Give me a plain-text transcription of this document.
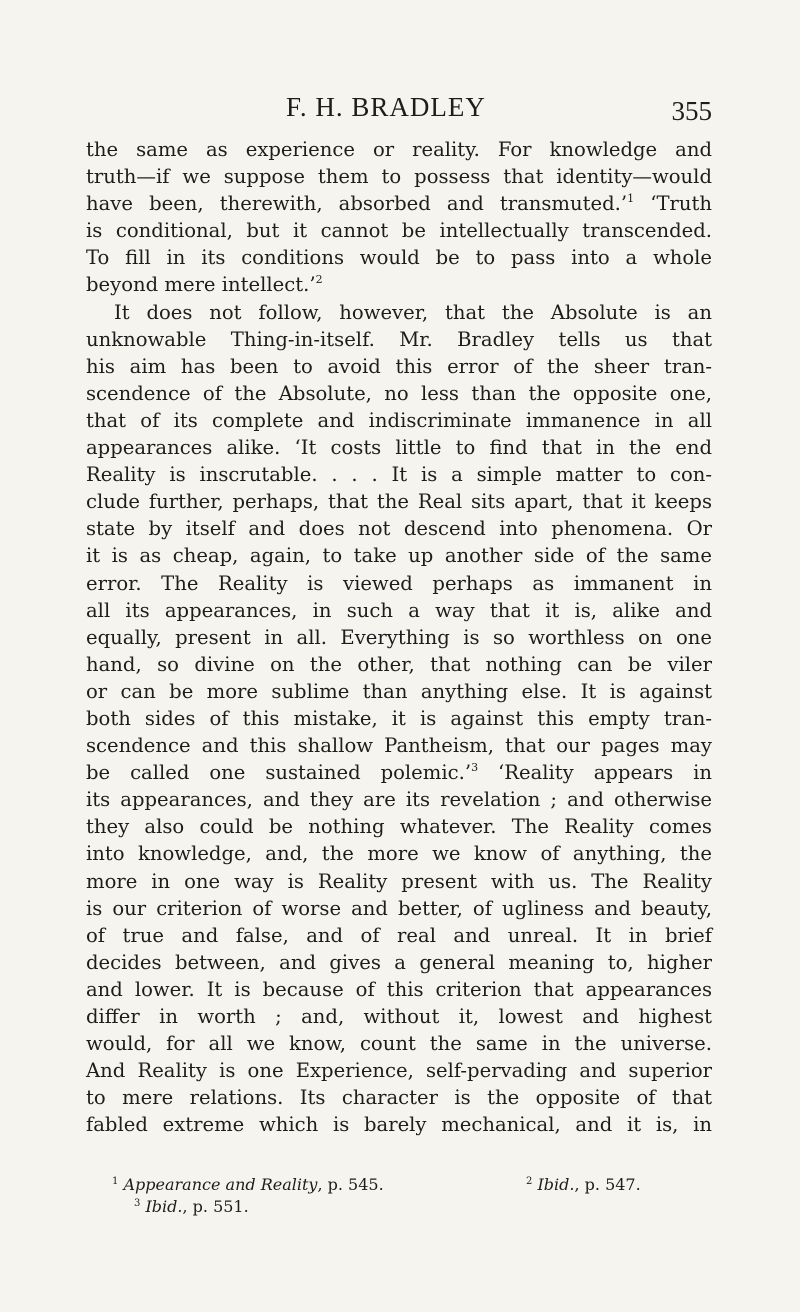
F. H. BRADLEY	355
the same as experience or reality. For knowledge and
truth—if we suppose them to possess that identity—would
have been, therewith, absorbed and transmuted.’$^1$ ‘Truth
is conditional, but it cannot be intellectually transcended.
To fill in its conditions would be to pass into a whole
beyond mere intellect.’$^2$
It does not follow, however, that the Absolute is an
unknowable Thing-in-itself. Mr. Bradley tells us that
his aim has been to avoid this error of the sheer tran-
scendence of the Absolute, no less than the opposite one,
that of its complete and indiscriminate immanence in all
appearances alike. ‘It costs little to find that in the end
Reality is inscrutable. . . . It is a simple matter to con-
clude further, perhaps, that the Real sits apart, that it keeps
state by itself and does not descend into phenomena. Or
it is as cheap, again, to take up another side of the same
error. The Reality is viewed perhaps as immanent in
all its appearances, in such a way that it is, alike and
equally, present in all. Everything is so worthless on one
hand, so divine on the other, that nothing can be viler
or can be more sublime than anything else. It is against
both sides of this mistake, it is against this empty tran-
scendence and this shallow Pantheism, that our pages may
be called one sustained polemic.’$^3$ ‘Reality appears in
its appearances, and they are its revelation ; and otherwise
they also could be nothing whatever. The Reality comes
into knowledge, and, the more we know of anything, the
more in one way is Reality present with us. The Reality
is our criterion of worse and better, of ugliness and beauty,
of true and false, and of real and unreal. It in brief
decides between, and gives a general meaning to, higher
and lower. It is because of this criterion that appearances
differ in worth ; and, without it, lowest and highest
would, for all we know, count the same in the universe.
And Reality is one Experience, self-pervading and superior
to mere relations. Its character is the opposite of that
fabled extreme which is barely mechanical, and it is, in
$^1$ Appearance and Reality, p. 545.	$^2$ Ibid., p. 547.
$^3$ Ibid., p. 551.
